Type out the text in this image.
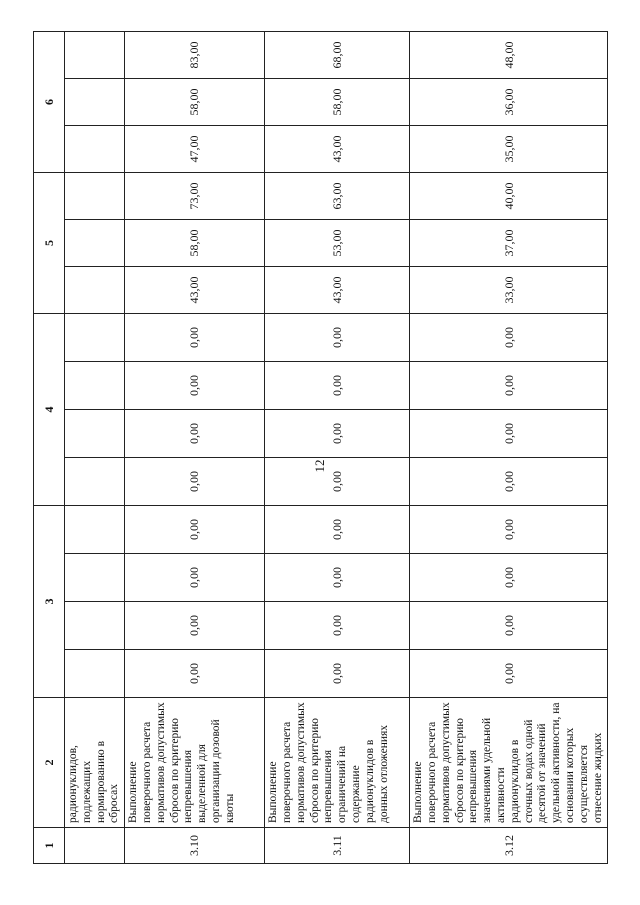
12
1	2	3				4				5			6		
	радионуклидов, подлежащих нормированию в сбросах														
3.10	Выполнение поверочного расчета нормативов допустимых сбросов по критерию непревышения выделенной для организации дозовой квоты	0,00	0,00	0,00	0,00	0,00	0,00	0,00	0,00	43,00	58,00	73,00	47,00	58,00	83,00
3.11	Выполнение поверочного расчета нормативов допустимых сбросов по критерию непревышения ограничений на содержание радионуклидов в донных отложениях	0,00	0,00	0,00	0,00	0,00	0,00	0,00	0,00	43,00	53,00	63,00	43,00	58,00	68,00
3.12	Выполнение поверочного расчета нормативов допустимых сбросов по критерию непревышения значениями удельной активности радионуклидов в сточных водах одной десятой от значений удельной активности, на основании которых осуществляется отнесение жидких	0,00	0,00	0,00	0,00	0,00	0,00	0,00	0,00	33,00	37,00	40,00	35,00	36,00	48,00
